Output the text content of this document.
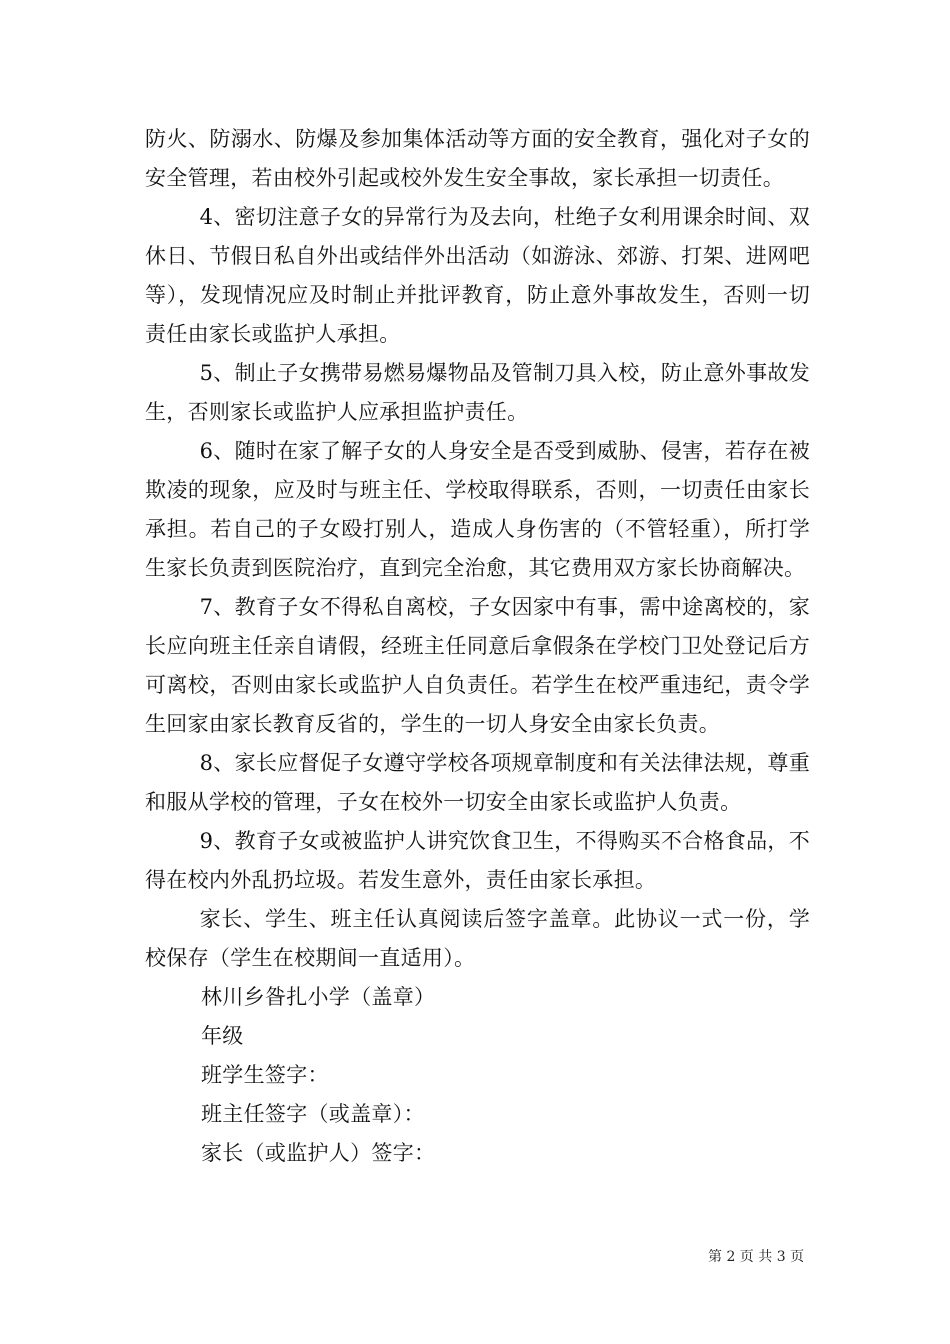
防火、防溺水、防爆及参加集体活动等方面的安全教育，强化对子女的安全管理，若由校外引起或校外发生安全事故，家长承担一切责任。

4、密切注意子女的异常行为及去向，杜绝子女利用课余时间、双休日、节假日私自外出或结伴外出活动（如游泳、郊游、打架、进网吧等），发现情况应及时制止并批评教育，防止意外事故发生，否则一切责任由家长或监护人承担。

5、制止子女携带易燃易爆物品及管制刀具入校，防止意外事故发生，否则家长或监护人应承担监护责任。

6、随时在家了解子女的人身安全是否受到威胁、侵害，若存在被欺凌的现象，应及时与班主任、学校取得联系，否则，一切责任由家长承担。若自己的子女殴打别人，造成人身伤害的（不管轻重），所打学生家长负责到医院治疗，直到完全治愈，其它费用双方家长协商解决。

7、教育子女不得私自离校，子女因家中有事，需中途离校的，家长应向班主任亲自请假，经班主任同意后拿假条在学校门卫处登记后方可离校，否则由家长或监护人自负责任。若学生在校严重违纪，责令学生回家由家长教育反省的，学生的一切人身安全由家长负责。

8、家长应督促子女遵守学校各项规章制度和有关法律法规，尊重和服从学校的管理，子女在校外一切安全由家长或监护人负责。

9、教育子女或被监护人讲究饮食卫生，不得购买不合格食品，不得在校内外乱扔垃圾。若发生意外，责任由家长承担。

家长、学生、班主任认真阅读后签字盖章。此协议一式一份，学校保存（学生在校期间一直适用）。

林川乡昝扎小学（盖章）

年级

班学生签字：

班主任签字（或盖章）：

家长（或监护人）签字：

第 2 页 共 3 页
